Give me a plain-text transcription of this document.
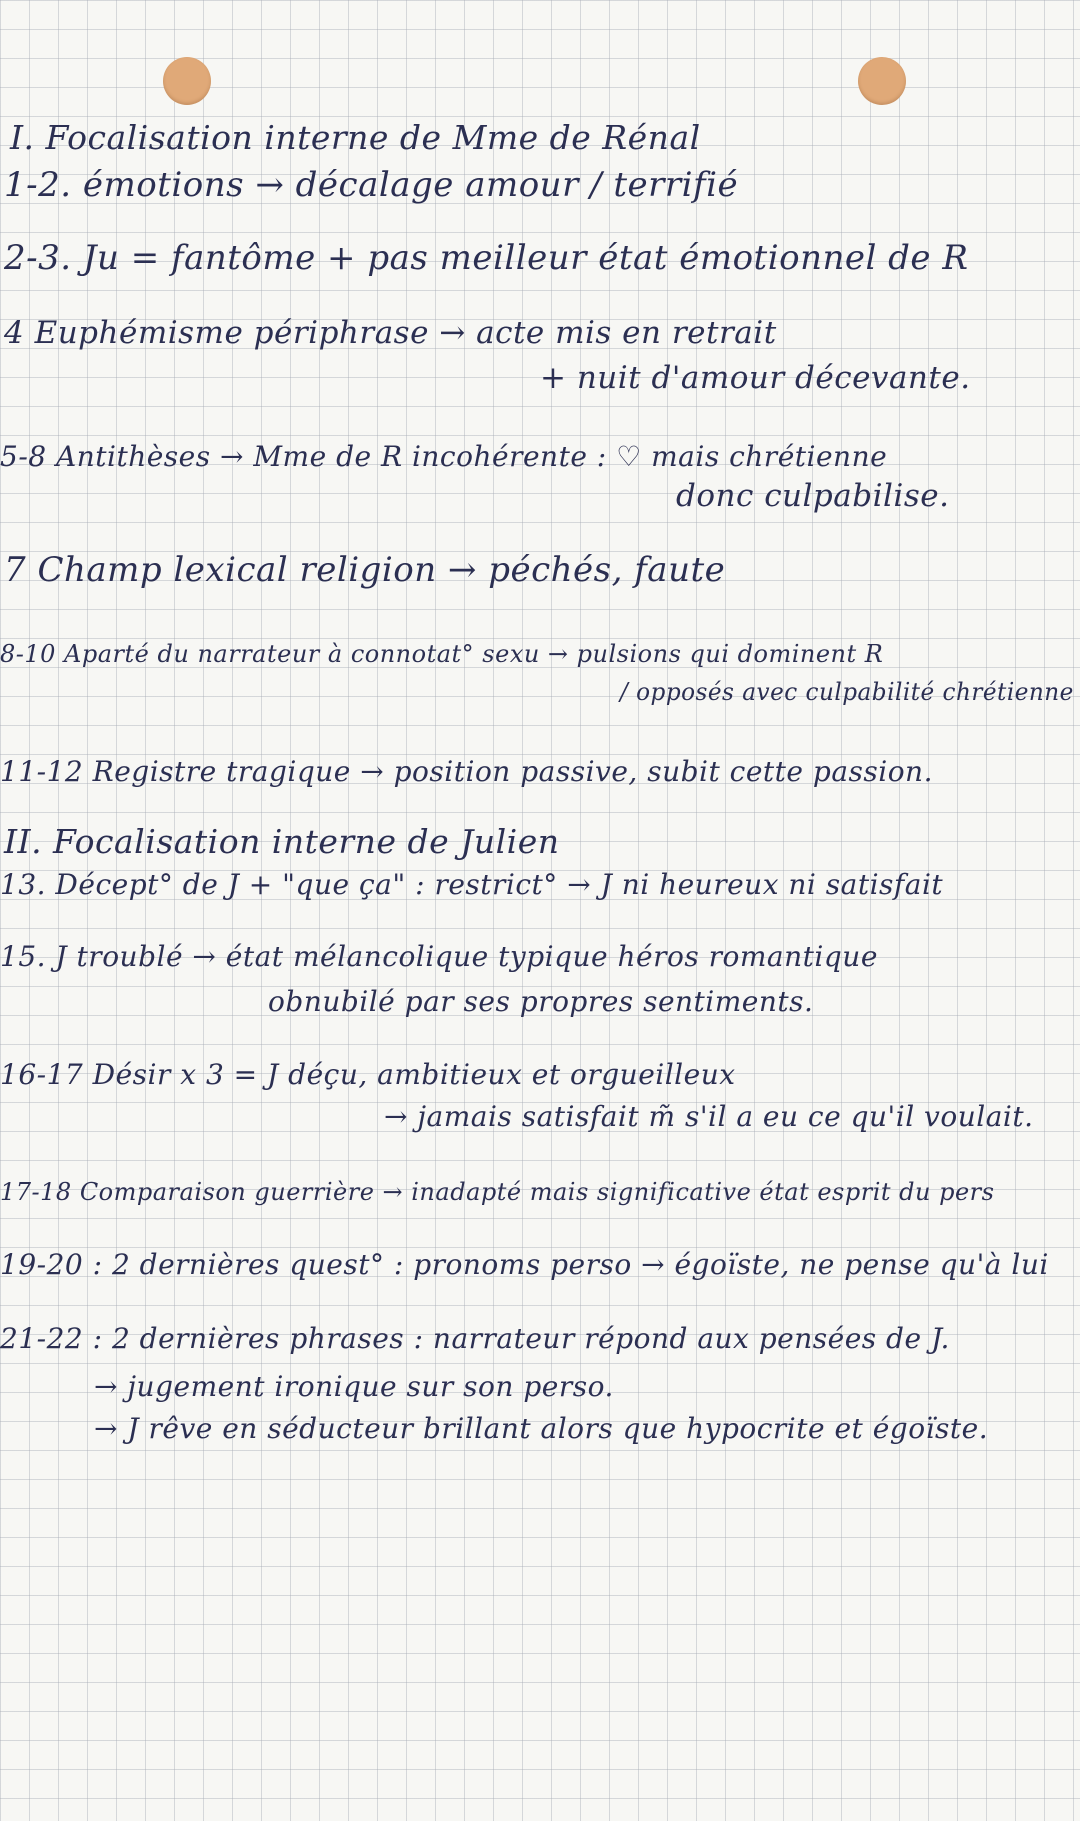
I. Focalisation interne de Mme de Rénal
1-2. émotions → décalage amour / terrifié
2-3. Ju = fantôme + pas meilleur état émotionnel de R
4 Euphémisme périphrase → acte mis en retrait
+ nuit d'amour décevante.
5-8 Antithèses → Mme de R incohérente : ♡ mais chrétienne
donc culpabilise.
7 Champ lexical religion → péchés, faute
8-10 Aparté du narrateur à connotat° sexu → pulsions qui dominent R
/ opposés avec culpabilité chrétienne
11-12 Registre tragique → position passive, subit cette passion.
II. Focalisation interne de Julien
13. Décept° de J + "que ça" : restrict° → J ni heureux ni satisfait
15. J troublé → état mélancolique typique héros romantique
obnubilé par ses propres sentiments.
16-17 Désir x 3 = J déçu, ambitieux et orgueilleux
→ jamais satisfait m̃ s'il a eu ce qu'il voulait.
17-18 Comparaison guerrière → inadapté mais significative état esprit du pers
19-20 : 2 dernières quest° : pronoms perso → égoïste, ne pense qu'à lui
21-22 : 2 dernières phrases : narrateur répond aux pensées de J.
→ jugement ironique sur son perso.
→ J rêve en séducteur brillant alors que hypocrite et égoïste.
